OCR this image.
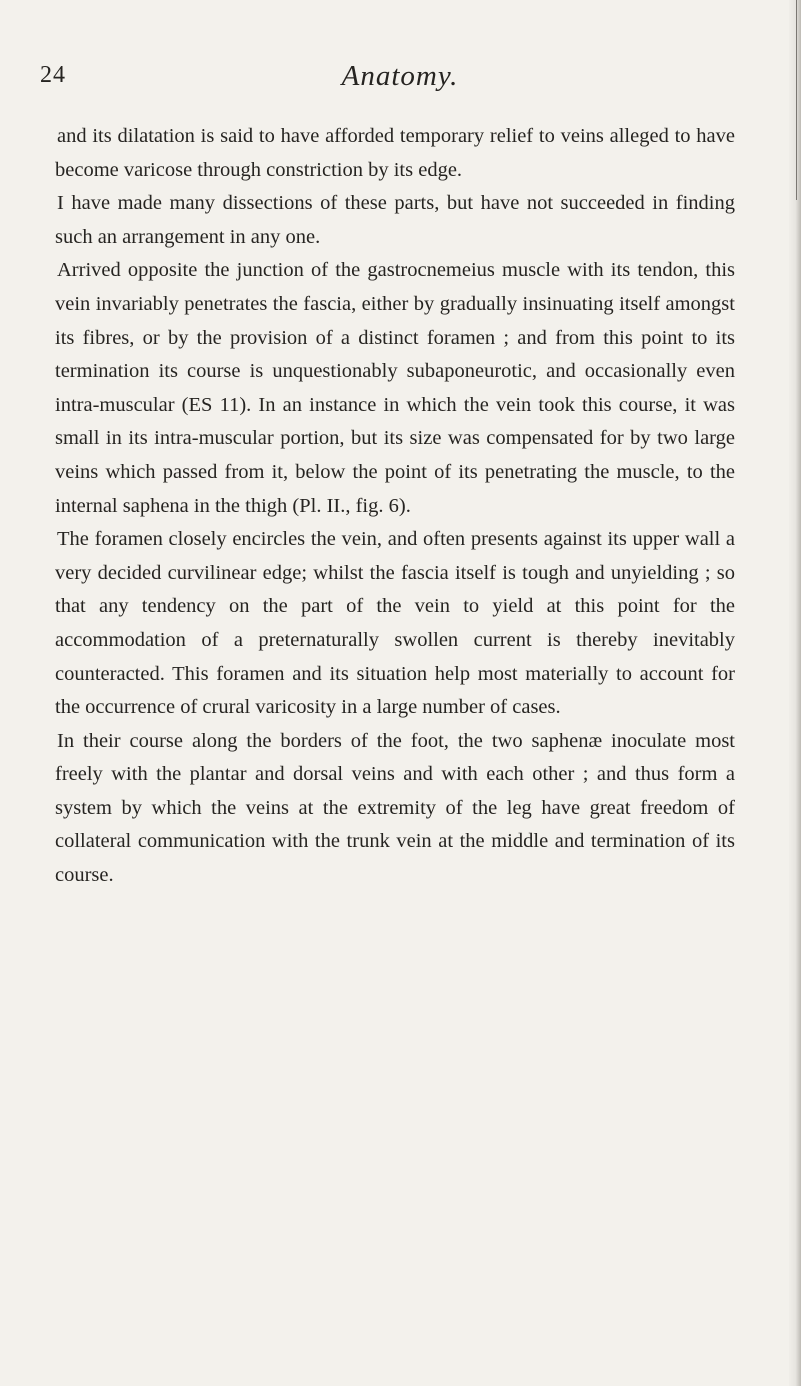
24	Anatomy.

and its dilatation is said to have afforded temporary relief to veins alleged to have become varicose through constriction by its edge.

I have made many dissections of these parts, but have not succeeded in finding such an arrangement in any one.

Arrived opposite the junction of the gastrocnemeius muscle with its tendon, this vein invariably penetrates the fascia, either by gradually insinuating itself amongst its fibres, or by the provision of a distinct foramen ; and from this point to its termination its course is unquestionably subaponeurotic, and occasionally even intra-muscular (ES 11). In an instance in which the vein took this course, it was small in its intra-muscular portion, but its size was compensated for by two large veins which passed from it, below the point of its penetrating the muscle, to the internal saphena in the thigh (Pl. II., fig. 6).

The foramen closely encircles the vein, and often presents against its upper wall a very decided curvilinear edge; whilst the fascia itself is tough and unyielding ; so that any tendency on the part of the vein to yield at this point for the accommodation of a preternaturally swollen current is thereby inevitably counteracted. This foramen and its situation help most materially to account for the occurrence of crural varicosity in a large number of cases.

In their course along the borders of the foot, the two saphenæ inoculate most freely with the plantar and dorsal veins and with each other ; and thus form a system by which the veins at the extremity of the leg have great freedom of collateral communication with the trunk vein at the middle and termination of its course.
